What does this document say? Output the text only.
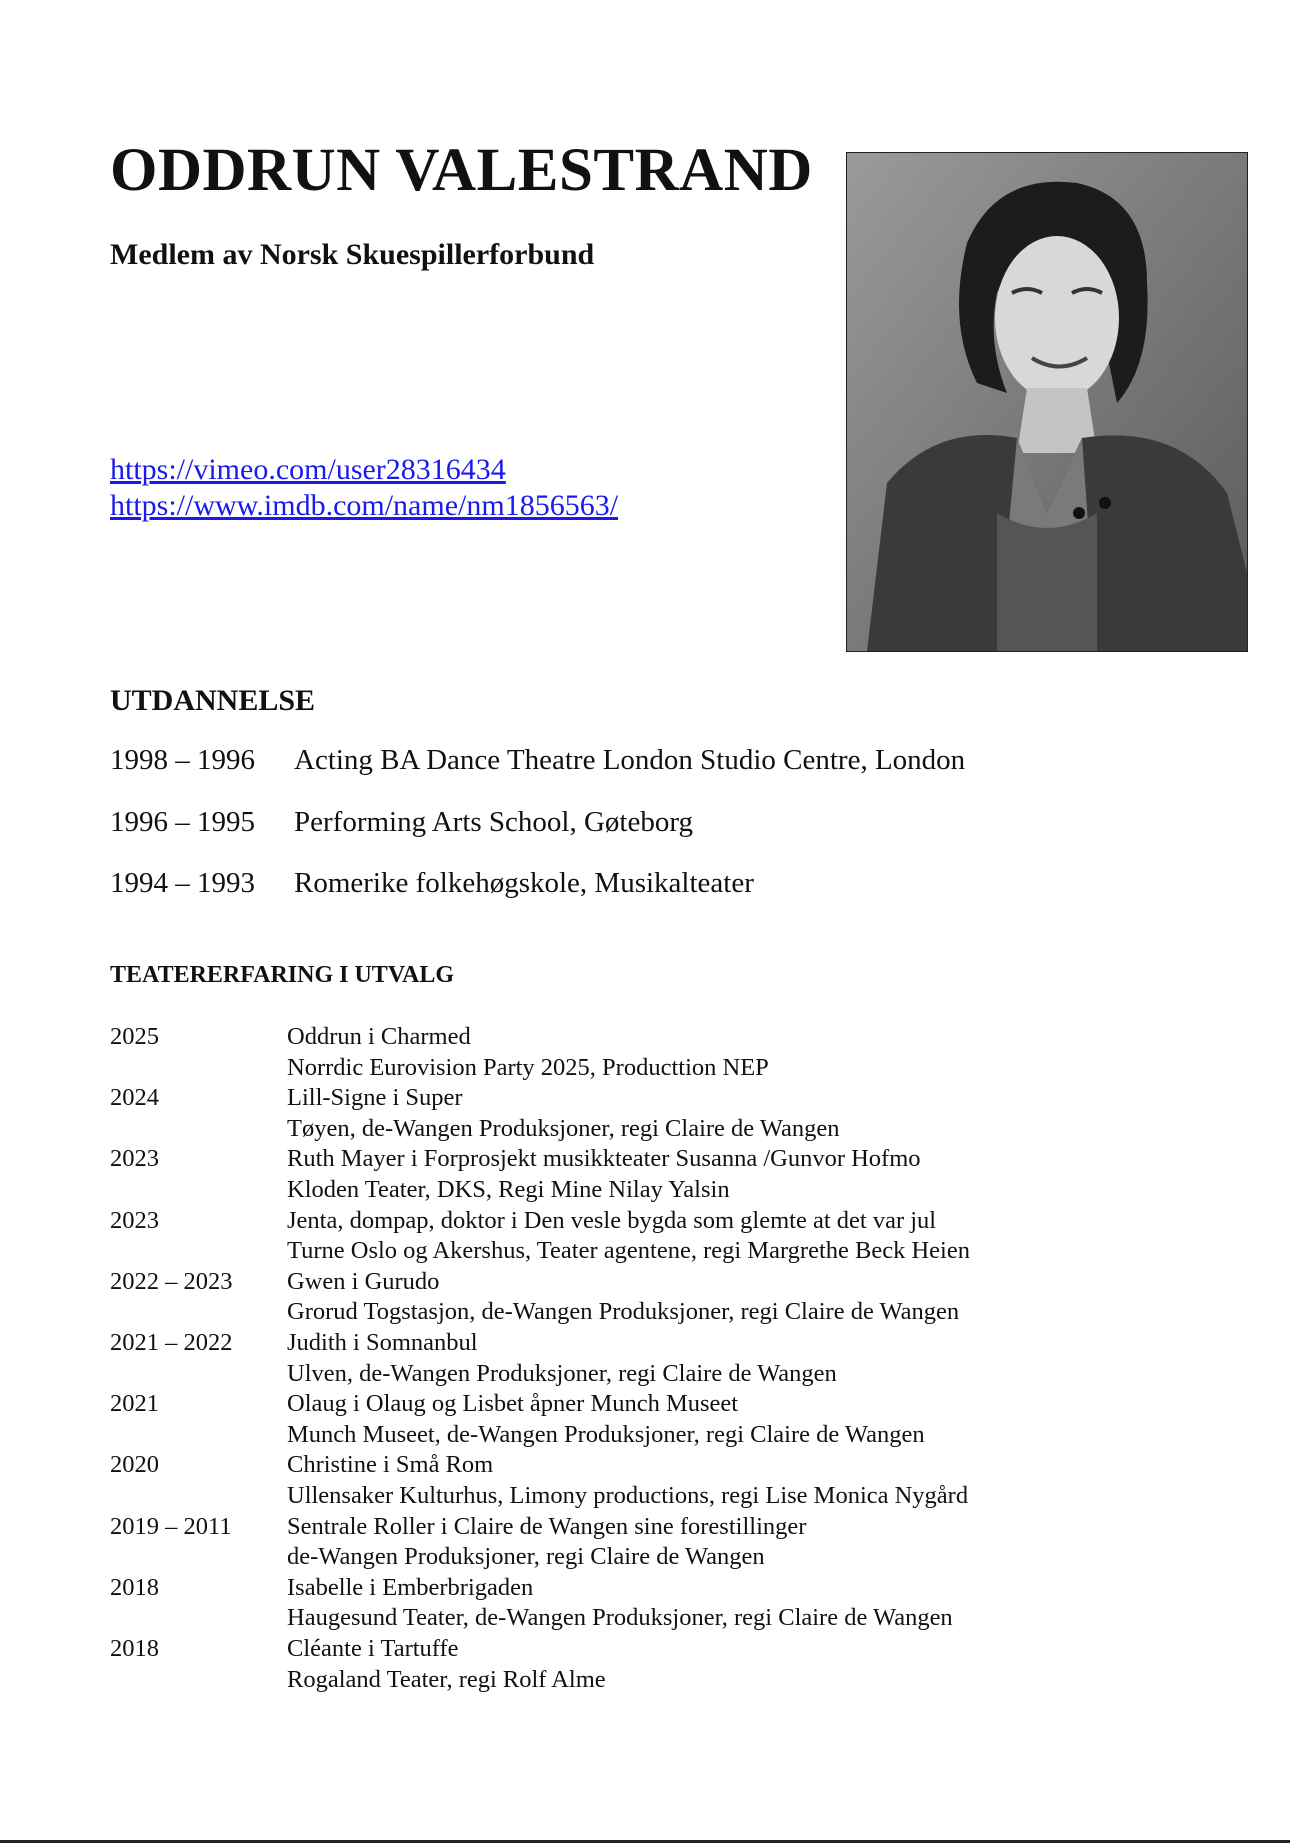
ODDRUN VALESTRAND
Medlem av Norsk Skuespillerforbund
https://vimeo.com/user28316434
https://www.imdb.com/name/nm1856563/
UTDANNELSE
1998 – 1996	Acting BA Dance Theatre London Studio Centre, London
1996 – 1995	Performing Arts School, Gøteborg
1994 – 1993	Romerike folkehøgskole, Musikalteater
TEATERERFARING I UTVALG
2025	Oddrun i Charmed
Norrdic Eurovision Party 2025, Producttion NEP
2024	Lill-Signe i Super
Tøyen, de-Wangen Produksjoner, regi Claire de Wangen
2023	Ruth Mayer i Forprosjekt musikkteater Susanna /Gunvor Hofmo
Kloden Teater, DKS, Regi Mine Nilay Yalsin
2023	Jenta, dompap, doktor i Den vesle bygda som glemte at det var jul
Turne Oslo og Akershus, Teater agentene, regi Margrethe Beck Heien
2022 – 2023	Gwen i Gurudo
Grorud Togstasjon, de-Wangen Produksjoner, regi Claire de Wangen
2021 – 2022	Judith i Somnanbul
Ulven, de-Wangen Produksjoner, regi Claire de Wangen
2021	Olaug i Olaug og Lisbet åpner Munch Museet
Munch Museet, de-Wangen Produksjoner, regi Claire de Wangen
2020	Christine i Små Rom
Ullensaker Kulturhus, Limony productions, regi Lise Monica Nygård
2019 – 2011	Sentrale Roller i Claire de Wangen sine forestillinger
de-Wangen Produksjoner, regi Claire de Wangen
2018	Isabelle i Emberbrigaden
Haugesund Teater, de-Wangen Produksjoner, regi Claire de Wangen
2018	Cléante i Tartuffe
Rogaland Teater, regi Rolf Alme
